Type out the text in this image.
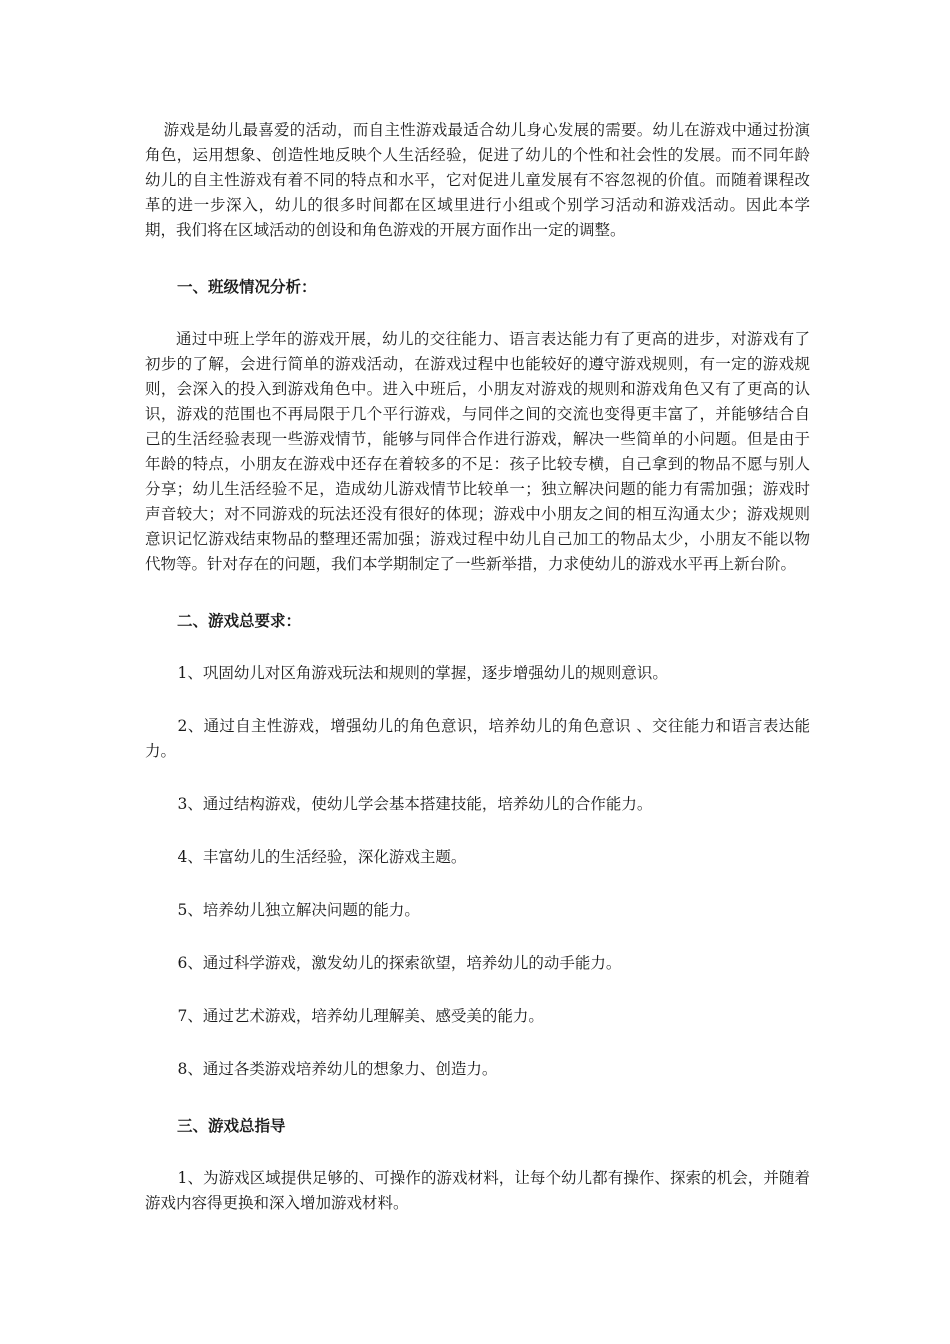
游戏是幼儿最喜爱的活动，而自主性游戏最适合幼儿身心发展的需要。幼儿在游戏中通过扮演角色，运用想象、创造性地反映个人生活经验，促进了幼儿的个性和社会性的发展。而不同年龄幼儿的自主性游戏有着不同的特点和水平，它对促进儿童发展有不容忽视的价值。而随着课程改革的进一步深入，幼儿的很多时间都在区域里进行小组或个别学习活动和游戏活动。因此本学期，我们将在区域活动的创设和角色游戏的开展方面作出一定的调整。

一、班级情况分析：

通过中班上学年的游戏开展，幼儿的交往能力、语言表达能力有了更高的进步，对游戏有了初步的了解，会进行简单的游戏活动，在游戏过程中也能较好的遵守游戏规则，有一定的游戏规则，会深入的投入到游戏角色中。进入中班后，小朋友对游戏的规则和游戏角色又有了更高的认识，游戏的范围也不再局限于几个平行游戏，与同伴之间的交流也变得更丰富了，并能够结合自己的生活经验表现一些游戏情节，能够与同伴合作进行游戏，解决一些简单的小问题。但是由于年龄的特点，小朋友在游戏中还存在着较多的不足：孩子比较专横，自己拿到的物品不愿与别人分享；幼儿生活经验不足，造成幼儿游戏情节比较单一；独立解决问题的能力有需加强；游戏时声音较大；对不同游戏的玩法还没有很好的体现；游戏中小朋友之间的相互沟通太少；游戏规则意识记忆游戏结束物品的整理还需加强；游戏过程中幼儿自己加工的物品太少，小朋友不能以物代物等。针对存在的问题，我们本学期制定了一些新举措，力求使幼儿的游戏水平再上新台阶。

二、游戏总要求：

1、巩固幼儿对区角游戏玩法和规则的掌握，逐步增强幼儿的规则意识。

2、通过自主性游戏，增强幼儿的角色意识，培养幼儿的角色意识 、交往能力和语言表达能力。

3、通过结构游戏，使幼儿学会基本搭建技能，培养幼儿的合作能力。

4、丰富幼儿的生活经验，深化游戏主题。

5、培养幼儿独立解决问题的能力。

6、通过科学游戏，激发幼儿的探索欲望，培养幼儿的动手能力。

7、通过艺术游戏，培养幼儿理解美、感受美的能力。

8、通过各类游戏培养幼儿的想象力、创造力。

三、游戏总指导

1、为游戏区域提供足够的、可操作的游戏材料，让每个幼儿都有操作、探索的机会，并随着游戏内容得更换和深入增加游戏材料。
